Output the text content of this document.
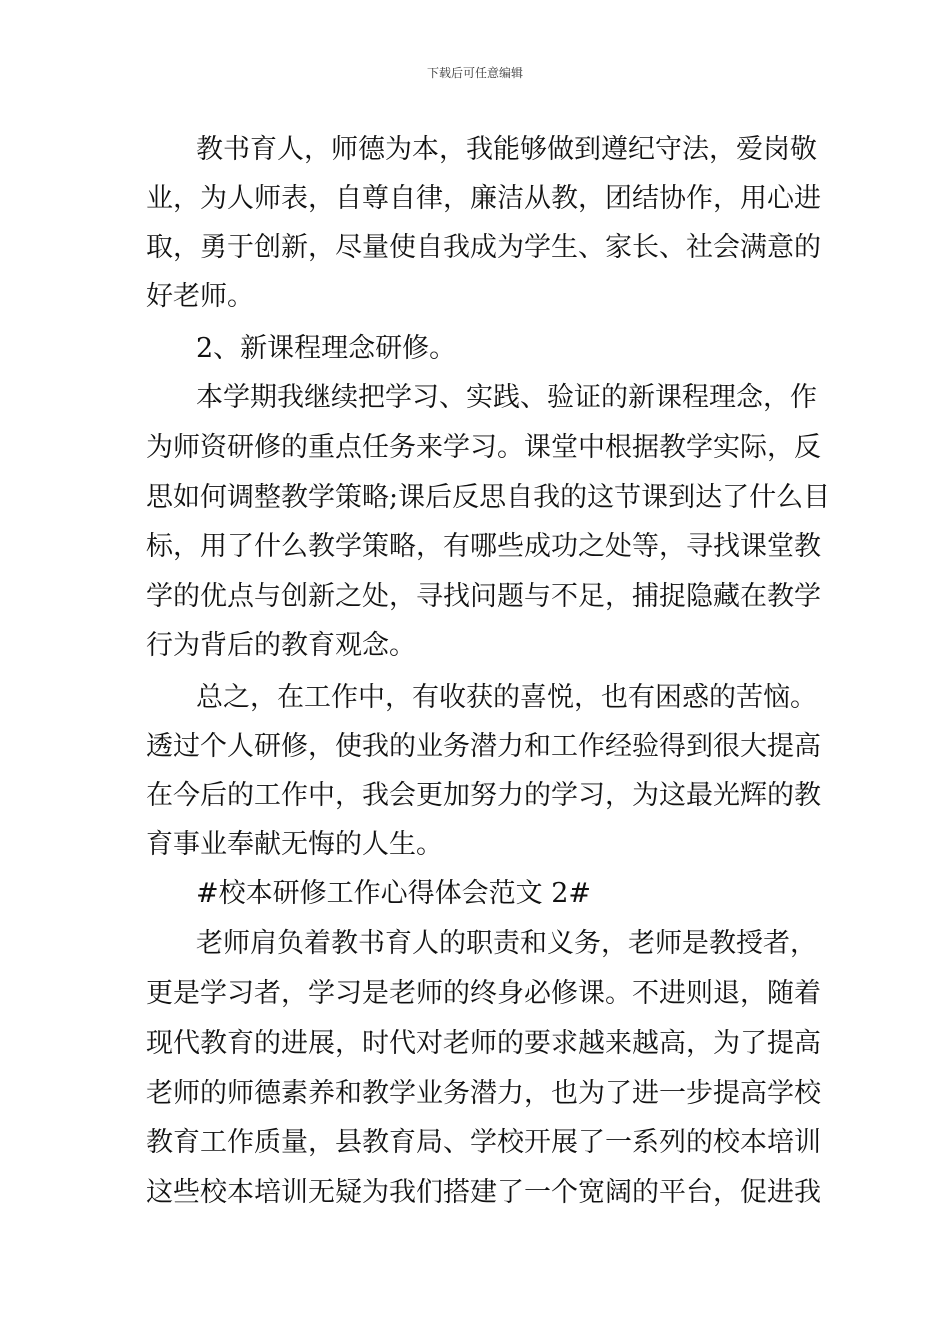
下载后可任意编辑
教书育人，师德为本，我能够做到遵纪守法，爱岗敬
业，为人师表，自尊自律，廉洁从教，团结协作，用心进
取，勇于创新，尽量使自我成为学生、家长、社会满意的
好老师。
2、新课程理念研修。
本学期我继续把学习、实践、验证的新课程理念，作
为师资研修的重点任务来学习。课堂中根据教学实际，反
思如何调整教学策略;课后反思自我的这节课到达了什么目
标，用了什么教学策略，有哪些成功之处等，寻找课堂教
学的优点与创新之处，寻找问题与不足，捕捉隐藏在教学
行为背后的教育观念。
总之，在工作中，有收获的喜悦，也有困惑的苦恼。
透过个人研修，使我的业务潜力和工作经验得到很大提高
在今后的工作中，我会更加努力的学习，为这最光辉的教
育事业奉献无悔的人生。
#校本研修工作心得体会范文 2#
老师肩负着教书育人的职责和义务，老师是教授者，
更是学习者，学习是老师的终身必修课。不进则退，随着
现代教育的进展，时代对老师的要求越来越高，为了提高
老师的师德素养和教学业务潜力，也为了进一步提高学校
教育工作质量，县教育局、学校开展了一系列的校本培训
这些校本培训无疑为我们搭建了一个宽阔的平台，促进我
